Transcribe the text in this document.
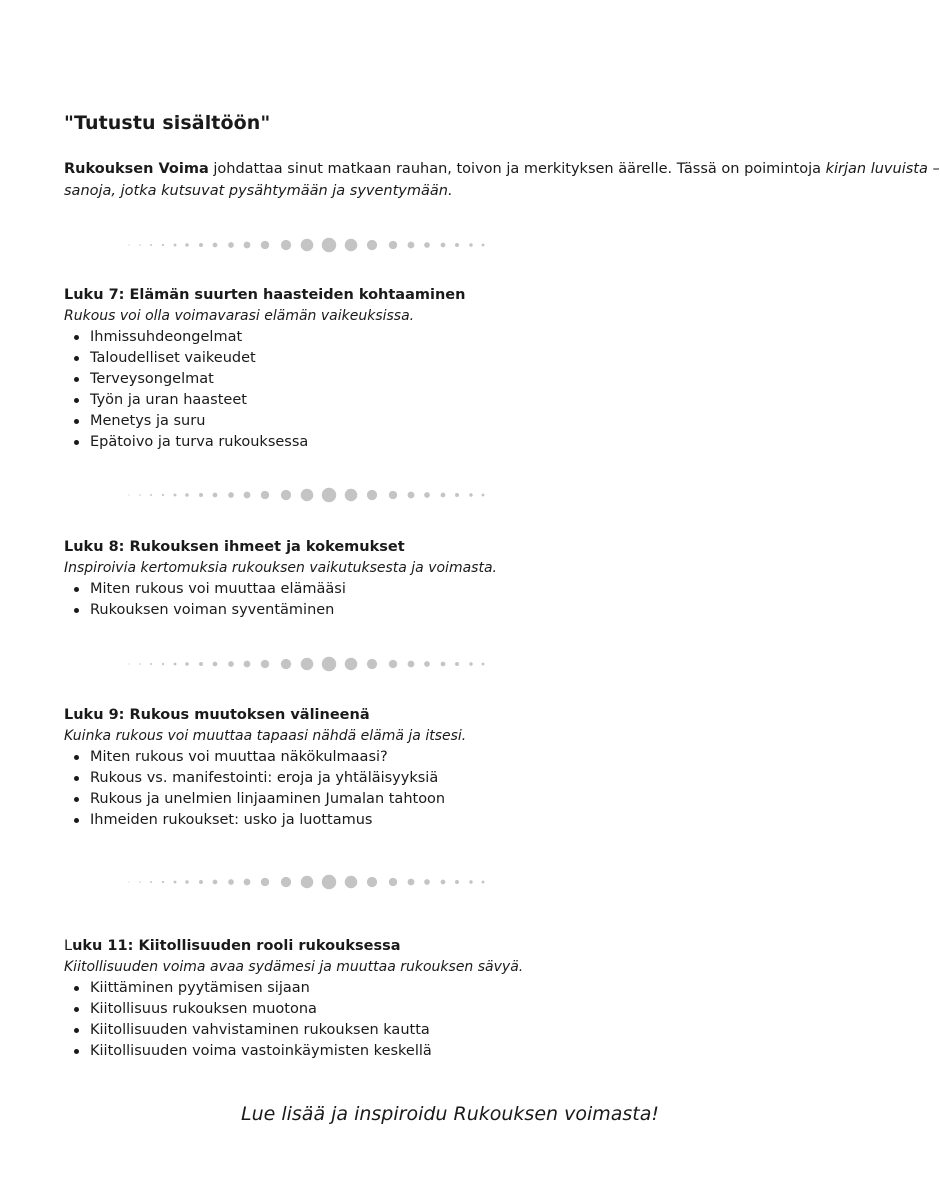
"Tutustu sisältöön"

Rukouksen Voima johdattaa sinut matkaan rauhan, toivon ja merkityksen äärelle. Tässä on poimintoja kirjan luvuista –
sanoja, jotka kutsuvat pysähtymään ja syventymään.

Luku 7: Elämän suurten haasteiden kohtaaminen

Rukous voi olla voimavarasi elämän vaikeuksissa.

Ihmissuhdeongelmat
Taloudelliset vaikeudet
Terveysongelmat
Työn ja uran haasteet
Menetys ja suru
Epätoivo ja turva rukouksessa
Luku 8: Rukouksen ihmeet ja kokemukset

Inspiroivia kertomuksia rukouksen vaikutuksesta ja voimasta.

Miten rukous voi muuttaa elämääsi
Rukouksen voiman syventäminen
Luku 9: Rukous muutoksen välineenä

Kuinka rukous voi muuttaa tapaasi nähdä elämä ja itsesi.

Miten rukous voi muuttaa näkökulmaasi?
Rukous vs. manifestointi: eroja ja yhtäläisyyksiä
Rukous ja unelmien linjaaminen Jumalan tahtoon
Ihmeiden rukoukset: usko ja luottamus
Luku 11: Kiitollisuuden rooli rukouksessa

Kiitollisuuden voima avaa sydämesi ja muuttaa rukouksen sävyä.

Kiittäminen pyytämisen sijaan
Kiitollisuus rukouksen muotona
Kiitollisuuden vahvistaminen rukouksen kautta
Kiitollisuuden voima vastoinkäymisten keskellä
Lue lisää ja inspiroidu Rukouksen voimasta!
